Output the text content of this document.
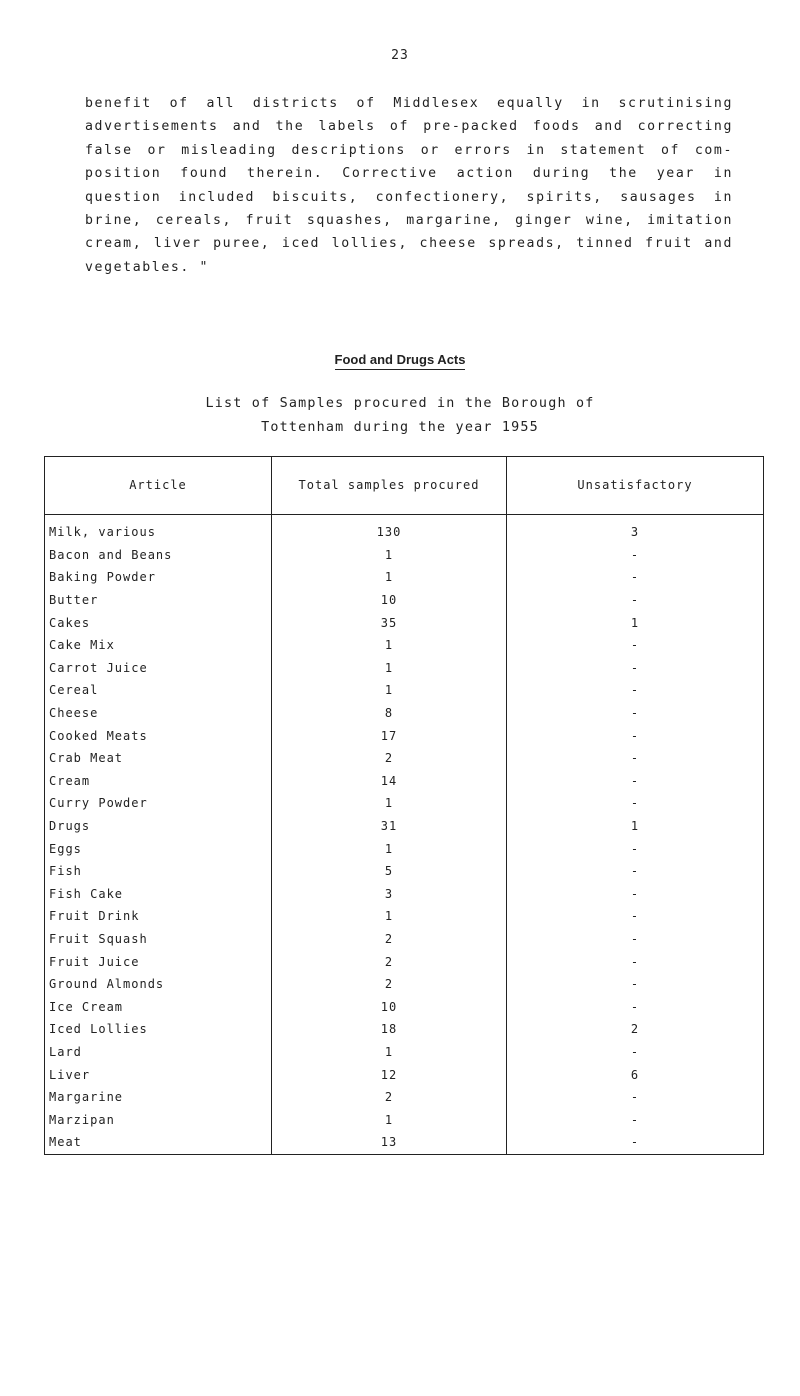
23

benefit of all districts of Middlesex equally in scrutinising advertisements and the labels of pre-packed foods and correcting false or misleading descriptions or errors in statement of com- position found therein. Corrective action during the year in question included biscuits, confectionery, spirits, sausages in brine, cereals, fruit squashes, margarine, ginger wine, imitation cream, liver puree, iced lollies, cheese spreads, tinned fruit and vegetables. "

Food and Drugs Acts
List of Samples procured in the Borough of
Tottenham during the year 1955
Article	Total samples procured	Unsatisfactory
Milk, various	130	3
Bacon and Beans	1	-
Baking Powder	1	-
Butter	10	-
Cakes	35	1
Cake Mix	1	-
Carrot Juice	1	-
Cereal	1	-
Cheese	8	-
Cooked Meats	17	-
Crab Meat	2	-
Cream	14	-
Curry Powder	1	-
Drugs	31	1
Eggs	1	-
Fish	5	-
Fish Cake	3	-
Fruit Drink	1	-
Fruit Squash	2	-
Fruit Juice	2	-
Ground Almonds	2	-
Ice Cream	10	-
Iced Lollies	18	2
Lard	1	-
Liver	12	6
Margarine	2	-
Marzipan	1	-
Meat	13	-
